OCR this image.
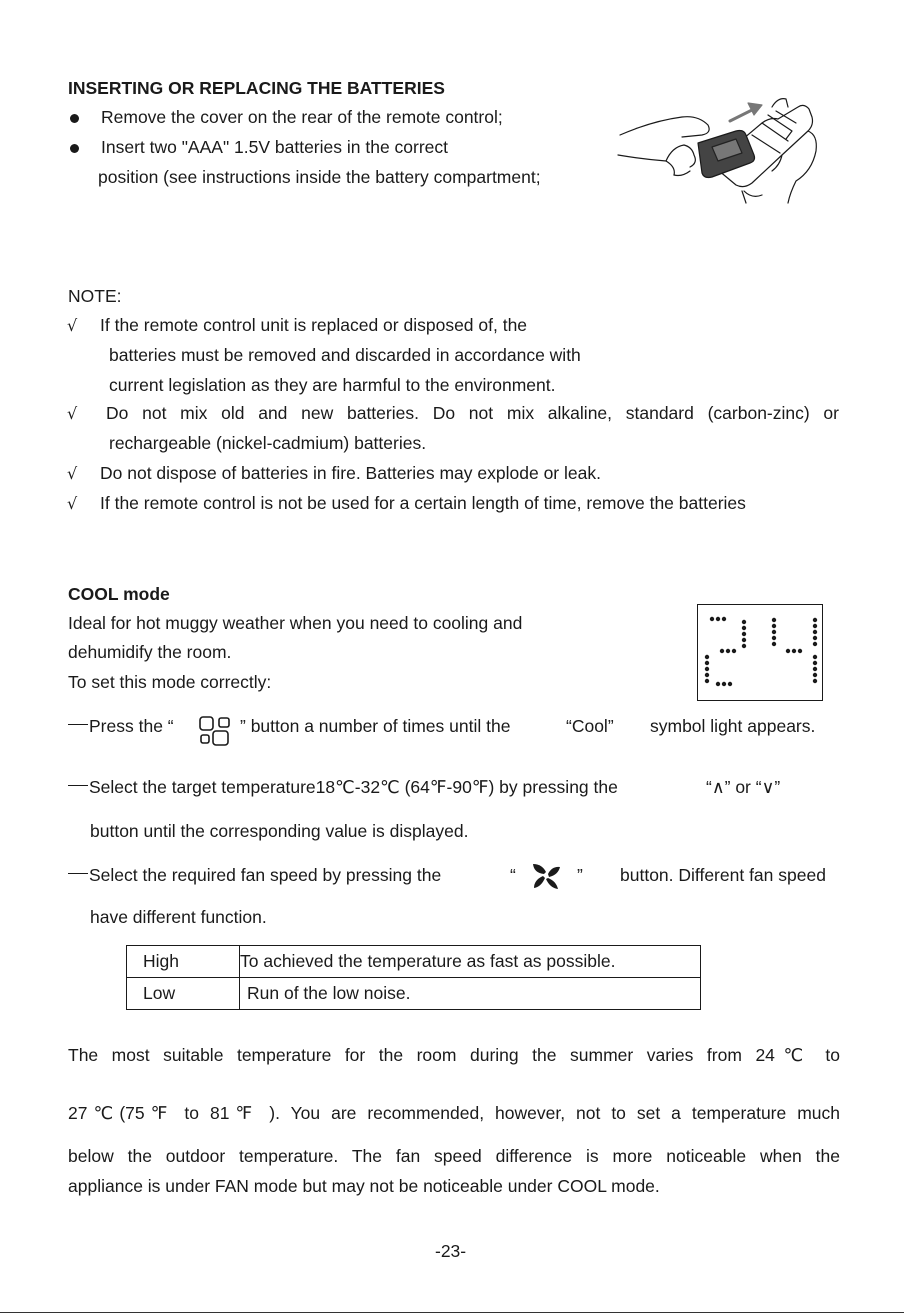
INSERTING OR REPLACING THE BATTERIES
Remove the cover on the rear of the remote control;
Insert two "AAA" 1.5V batteries in the correct
position (see instructions inside the battery compartment;
NOTE:
√ If the remote control unit is replaced or disposed of, the
batteries must be removed and discarded in accordance with
current legislation as they are harmful to the environment.
√ Do not mix old and new batteries. Do not mix alkaline, standard (carbon-zinc) or
rechargeable (nickel-cadmium) batteries.
√ Do not dispose of batteries in fire. Batteries may explode or leak.
√ If the remote control is not be used for a certain length of time, remove the batteries
COOL mode
Ideal for hot muggy weather when you need to cooling and
dehumidify the room.
To set this mode correctly:
Press the “	” button a number of times until the	“Cool” symbol light appears.
Select the target temperature18℃-32℃ (64℉-90℉) by pressing the	“∧” or “∨”
button until the corresponding value is displayed.
Select the required fan speed by pressing the	“	” button. Different fan speed
have different function.
High	To achieved the temperature as fast as possible.
Low	Run of the low noise.
The most suitable temperature for the room during the summer varies from 24℃ to
27℃(75℉ to 81℉ ). You are recommended, however, not to set a temperature much
below the outdoor temperature. The fan speed difference is more noticeable when the
appliance is under FAN mode but may not be noticeable under COOL mode.
-23-
